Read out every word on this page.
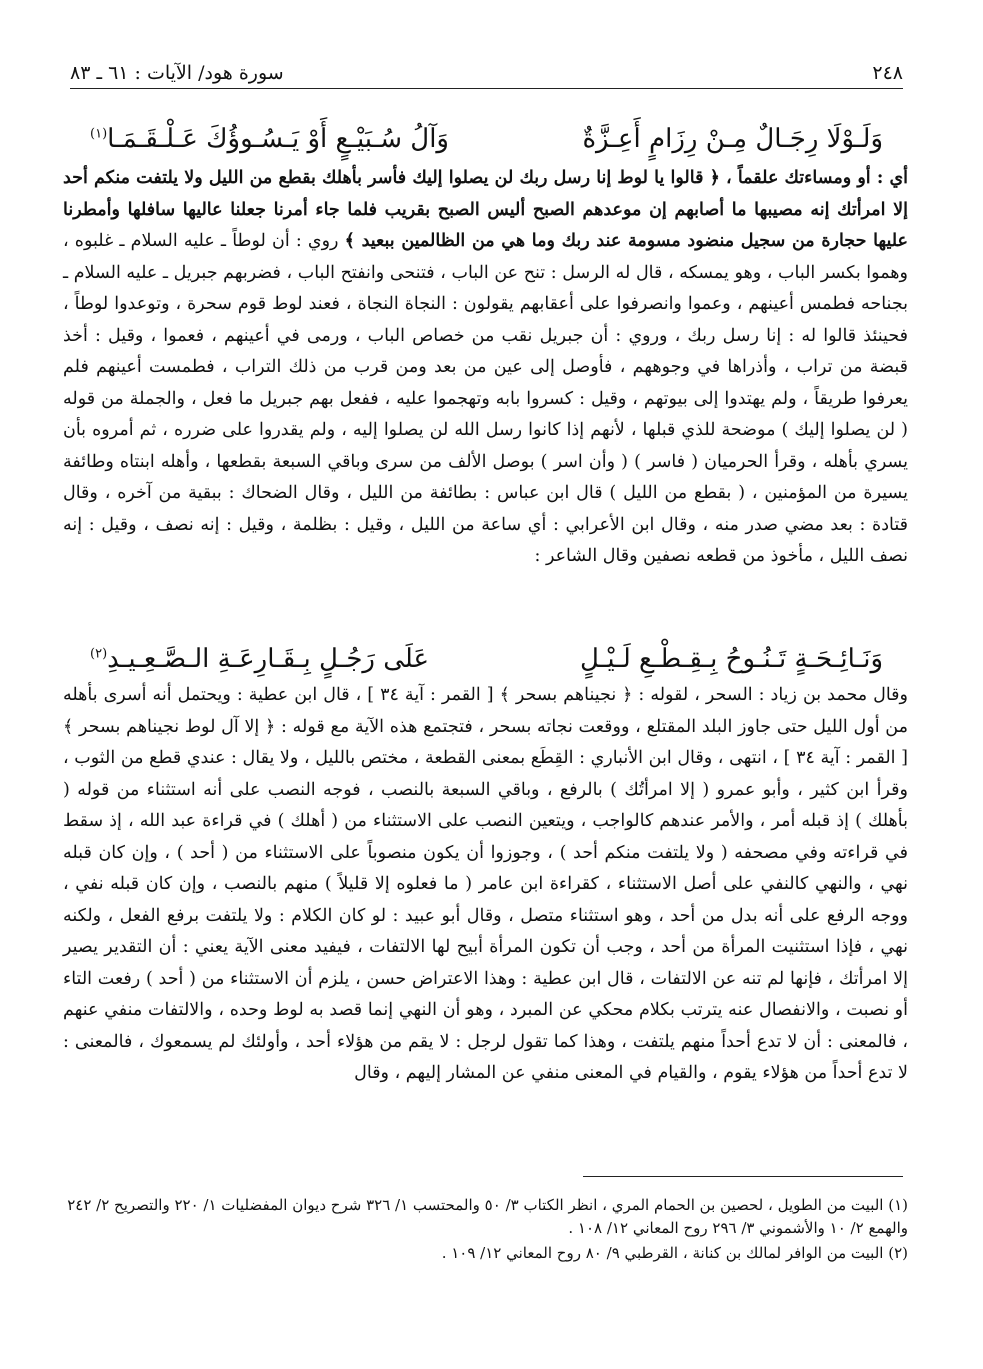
٢٤٨
سورة هود/ الآيات : ٦١ ـ ٨٣
وَلَـوْلَا رِجَـالٌ مِـنْ رِزَامٍ أَعِـزَّةٌ
وَآلُ سُـبَيْـعٍ أَوْ يَـسُـوؤُكَ عَـلْـقَـمَـا$^{(١)}$

أي : أو ومساءتك علقماً ، ﴿ قالوا يا لوط إنا رسل ربك لن يصلوا إليك فأسر بأهلك بقطع من الليل ولا يلتفت منكم أحد إلا امرأتك إنه مصيبها ما أصابهم إن موعدهم الصبح أليس الصبح بقريب فلما جاء أمرنا جعلنا عاليها سافلها وأمطرنا عليها حجارة من سجيل منضود مسومة عند ربك وما هي من الظالمين ببعيد ﴾ روي : أن لوطاً ـ عليه السلام ـ غلبوه ، وهموا بكسر الباب ، وهو يمسكه ، قال له الرسل : تنح عن الباب ، فتنحى وانفتح الباب ، فضربهم جبريل ـ عليه السلام ـ بجناحه فطمس أعينهم ، وعموا وانصرفوا على أعقابهم يقولون : النجاة النجاة ، فعند لوط قوم سحرة ، وتوعدوا لوطاً ، فحينئذ قالوا له : إنا رسل ربك ، وروي : أن جبريل نقب من خصاص الباب ، ورمى في أعينهم ، فعموا ، وقيل : أخذ قبضة من تراب ، وأذراها في وجوههم ، فأوصل إلى عين من بعد ومن قرب من ذلك التراب ، فطمست أعينهم فلم يعرفوا طريقاً ، ولم يهتدوا إلى بيوتهم ، وقيل : كسروا بابه وتهجموا عليه ، ففعل بهم جبريل ما فعل ، والجملة من قوله ( لن يصلوا إليك ) موضحة للذي قبلها ، لأنهم إذا كانوا رسل الله لن يصلوا إليه ، ولم يقدروا على ضرره ، ثم أمروه بأن يسري بأهله ، وقرأ الحرميان ( فاسر ) ( وأن اسر ) بوصل الألف من سرى وباقي السبعة بقطعها ، وأهله ابنتاه وطائفة يسيرة من المؤمنين ، ( بقطع من الليل ) قال ابن عباس : بطائفة من الليل ، وقال الضحاك : ببقية من آخره ، وقال قتادة : بعد مضي صدر منه ، وقال ابن الأعرابي : أي ساعة من الليل ، وقيل : بظلمة ، وقيل : إنه نصف ، وقيل : إنه نصف الليل ، مأخوذ من قطعه نصفين وقال الشاعر :

وَنَـائِـحَـةٍ تَـنُـوحُ بِـقِـطْـعِ لَـيْـلٍ
عَلَى رَجُـلٍ بِـقَـارِعَـةِ الـصَّـعِـيـدِ$^{(٢)}$

وقال محمد بن زياد : السحر ، لقوله : ﴿ نجيناهم بسحر ﴾ [ القمر : آية ٣٤ ] ، قال ابن عطية : ويحتمل أنه أسرى بأهله من أول الليل حتى جاوز البلد المقتلع ، ووقعت نجاته بسحر ، فتجتمع هذه الآية مع قوله : ﴿ إلا آل لوط نجيناهم بسحر ﴾ [ القمر : آية ٣٤ ] ، انتهى ، وقال ابن الأنباري : القِطَع بمعنى القطعة ، مختص بالليل ، ولا يقال : عندي قطع من الثوب ، وقرأ ابن كثير ، وأبو عمرو ( إلا امرأتُك ) بالرفع ، وباقي السبعة بالنصب ، فوجه النصب على أنه استثناء من قوله ( بأهلك ) إذ قبله أمر ، والأمر عندهم كالواجب ، ويتعين النصب على الاستثناء من ( أهلك ) في قراءة عبد الله ، إذ سقط في قراءته وفي مصحفه ( ولا يلتفت منكم أحد ) ، وجوزوا أن يكون منصوباً على الاستثناء من ( أحد ) ، وإن كان قبله نهي ، والنهي كالنفي على أصل الاستثناء ، كقراءة ابن عامر ( ما فعلوه إلا قليلاً ) منهم بالنصب ، وإن كان قبله نفي ، ووجه الرفع على أنه بدل من أحد ، وهو استثناء متصل ، وقال أبو عبيد : لو كان الكلام : ولا يلتفت برفع الفعل ، ولكنه نهي ، فإذا استثنيت المرأة من أحد ، وجب أن تكون المرأة أبيح لها الالتفات ، فيفيد معنى الآية يعني : أن التقدير يصير إلا امرأتك ، فإنها لم تنه عن الالتفات ، قال ابن عطية : وهذا الاعتراض حسن ، يلزم أن الاستثناء من ( أحد ) رفعت التاء أو نصبت ، والانفصال عنه يترتب بكلام محكي عن المبرد ، وهو أن النهي إنما قصد به لوط وحده ، والالتفات منفي عنهم ، فالمعنى : أن لا تدع أحداً منهم يلتفت ، وهذا كما تقول لرجل : لا يقم من هؤلاء أحد ، وأولئك لم يسمعوك ، فالمعنى : لا تدع أحداً من هؤلاء يقوم ، والقيام في المعنى منفي عن المشار إليهم ، وقال

(١) البيت من الطويل ، لحصين بن الحمام المري ، انظر الكتاب ٣/ ٥٠ والمحتسب ١/ ٣٢٦ شرح ديوان المفضليات ١/ ٢٢٠ والتصريح ٢/ ٢٤٢ والهمع ٢/ ١٠ والأشموني ٣/ ٢٩٦ روح المعاني ١٢/ ١٠٨ .

(٢) البيت من الوافر لمالك بن كنانة ، القرطبي ٩/ ٨٠ روح المعاني ١٢/ ١٠٩ .
